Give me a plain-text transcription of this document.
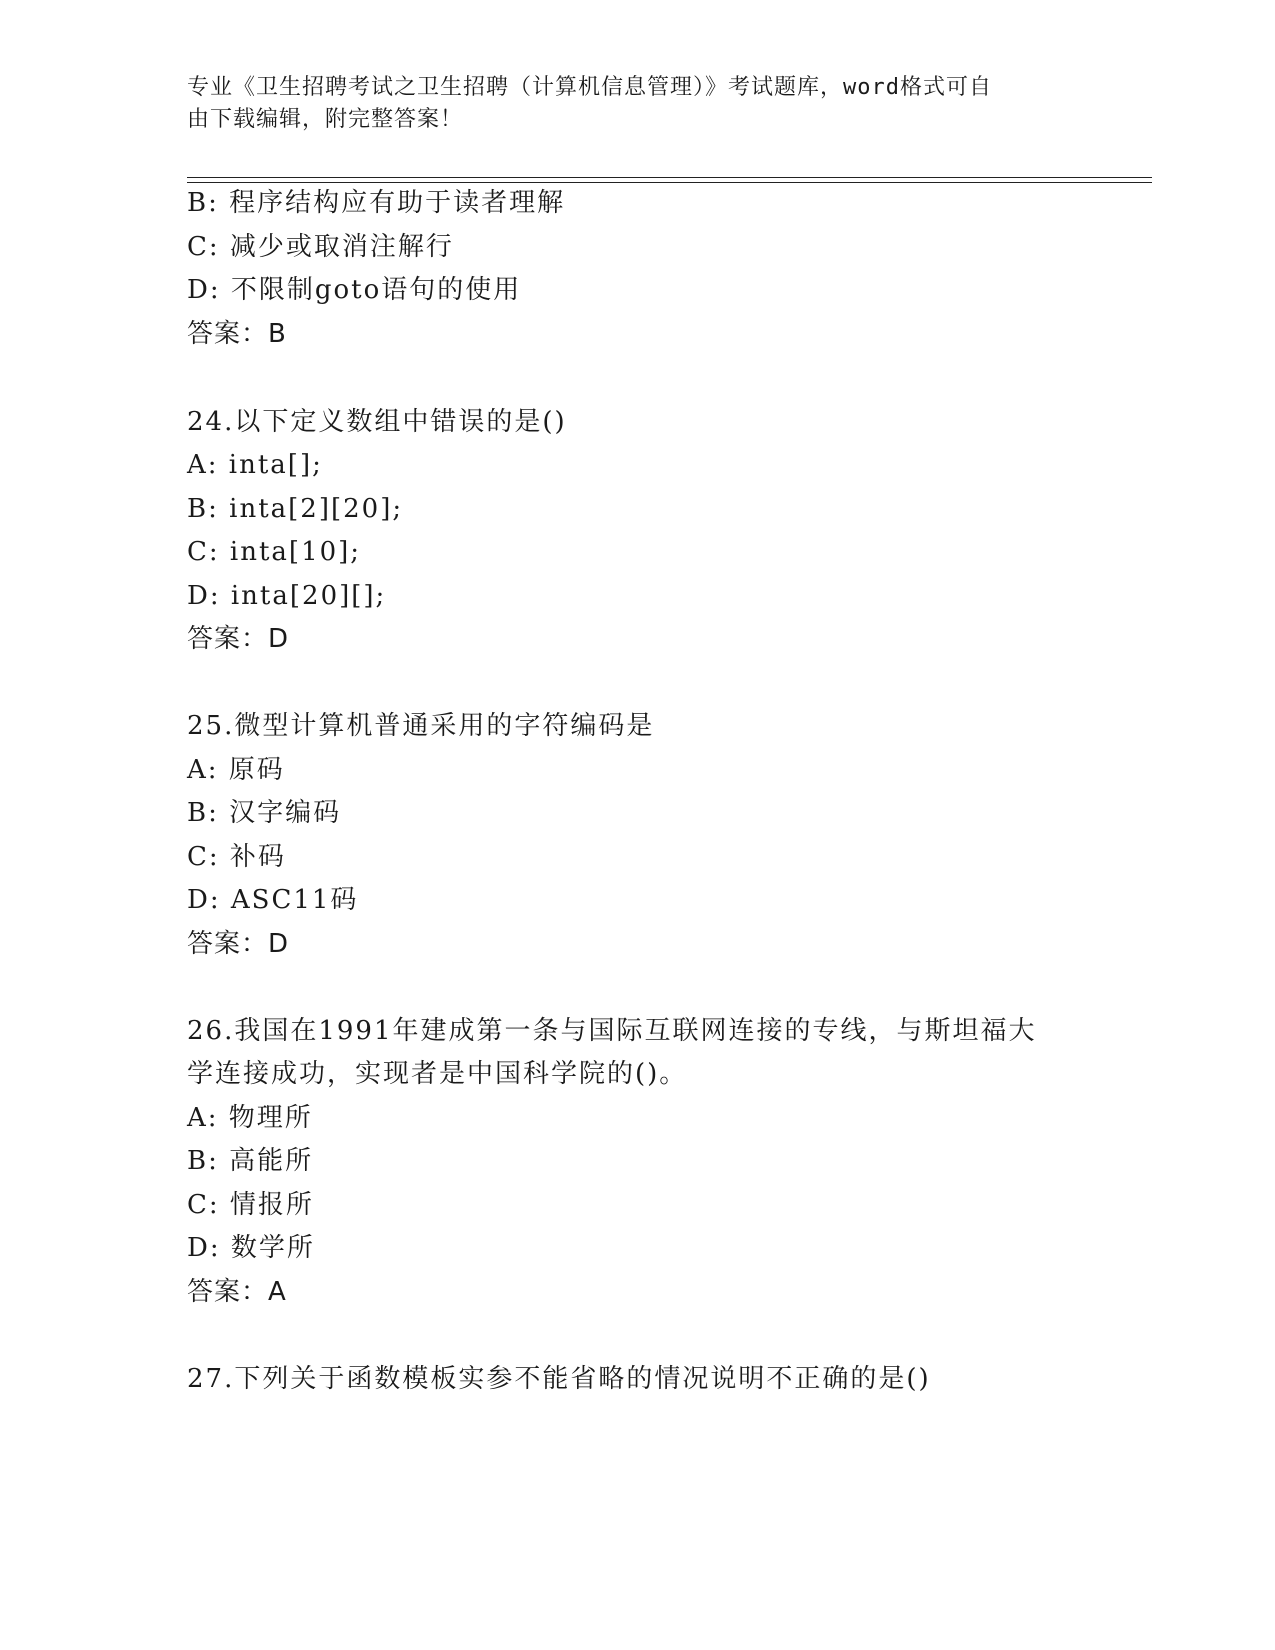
专业《卫生招聘考试之卫生招聘（计算机信息管理）》考试题库，word格式可自
由下载编辑，附完整答案！
B: 程序结构应有助于读者理解
C: 减少或取消注解行
D: 不限制goto语句的使用
答案：B
24.以下定义数组中错误的是()
A: inta[];
B: inta[2][20];
C: inta[10];
D: inta[20][];
答案：D
25.微型计算机普通采用的字符编码是
A: 原码
B: 汉字编码
C: 补码
D: ASC11码
答案：D
26.我国在1991年建成第一条与国际互联网连接的专线，与斯坦福大
学连接成功，实现者是中国科学院的()。
A: 物理所
B: 高能所
C: 情报所
D: 数学所
答案：A
27.下列关于函数模板实参不能省略的情况说明不正确的是()
